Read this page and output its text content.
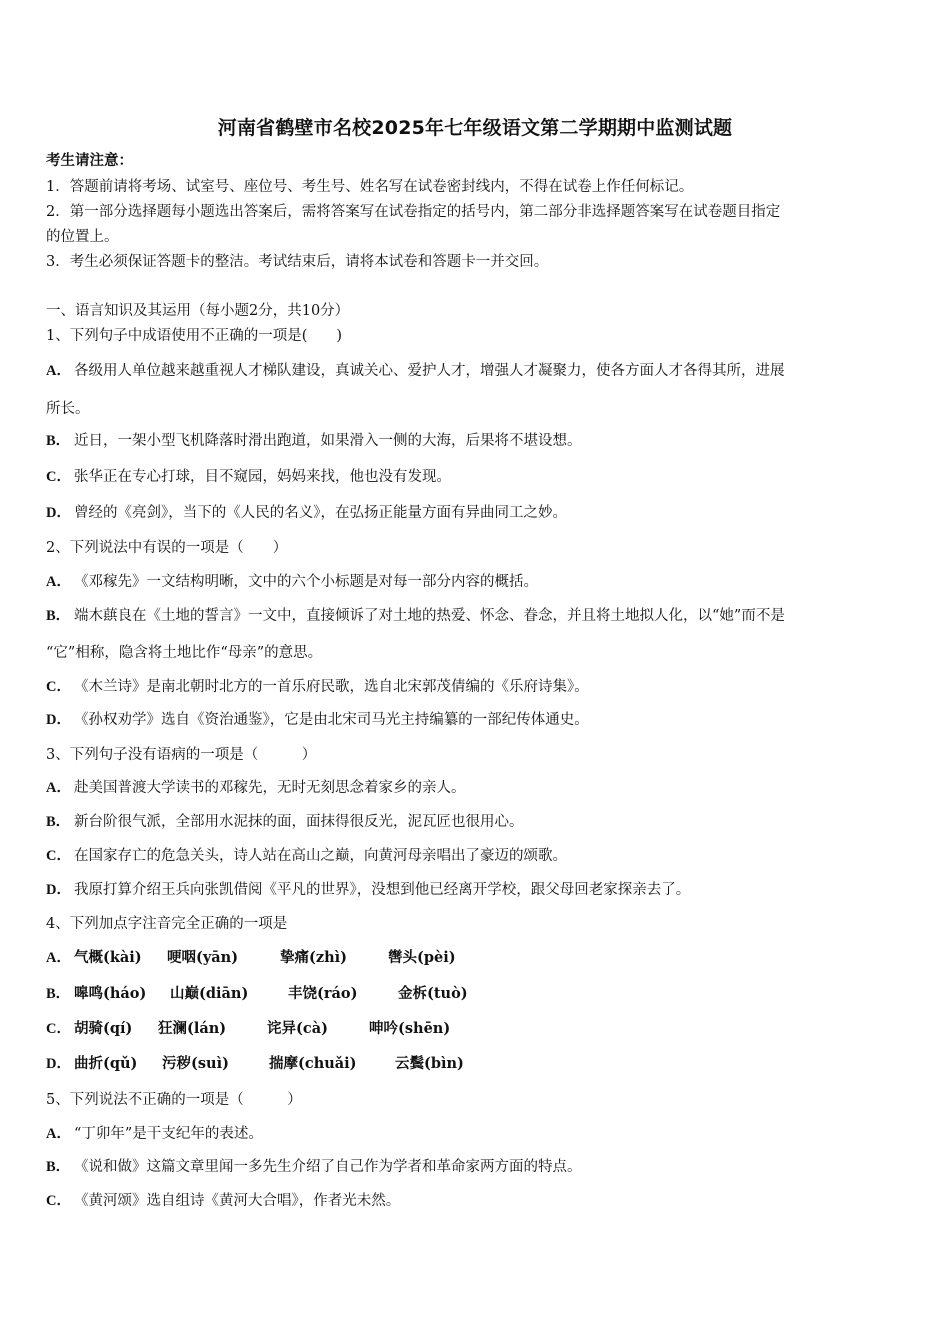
河南省鹤壁市名校2025年七年级语文第二学期期中监测试题
考生请注意：
1．答题前请将考场、试室号、座位号、考生号、姓名写在试卷密封线内，不得在试卷上作任何标记。
2．第一部分选择题每小题选出答案后，需将答案写在试卷指定的括号内，第二部分非选择题答案写在试卷题目指定
的位置上。
3．考生必须保证答题卡的整洁。考试结束后，请将本试卷和答题卡一并交回。
一、语言知识及其运用（每小题2分，共10分）
1、下列句子中成语使用不正确的一项是(　　)
A． 各级用人单位越来越重视人才梯队建设，真诚关心、爱护人才，增强人才凝聚力，使各方面人才各得其所，进展
所长。
B． 近日，一架小型飞机降落时滑出跑道，如果滑入一侧的大海，后果将不堪设想。
C． 张华正在专心打球，目不窥园，妈妈来找，他也没有发现。
D． 曾经的《亮剑》，当下的《人民的名义》，在弘扬正能量方面有异曲同工之妙。
2、下列说法中有误的一项是（　　）
A． 《邓稼先》一文结构明晰，文中的六个小标题是对每一部分内容的概括。
B． 端木蕻良在《土地的誓言》一文中，直接倾诉了对土地的热爱、怀念、眷念，并且将土地拟人化，以“她”而不是
“它”相称，隐含将土地比作“母亲”的意思。
C． 《木兰诗》是南北朝时北方的一首乐府民歌，选自北宋郭茂倩编的《乐府诗集》。
D． 《孙权劝学》选自《资治通鉴》，它是由北宋司马光主持编纂的一部纪传体通史。
3、下列句子没有语病的一项是（　　　）
A． 赴美国普渡大学读书的邓稼先，无时无刻思念着家乡的亲人。
B． 新台阶很气派，全部用水泥抹的面，面抹得很反光，泥瓦匠也很用心。
C． 在国家存亡的危急关头，诗人站在高山之巅，向黄河母亲唱出了豪迈的颂歌。
D． 我原打算介绍王兵向张凯借阅《平凡的世界》，没想到他已经离开学校，跟父母回老家探亲去了。
4、下列加点字注音完全正确的一项是
A． 气概(kài) 哽咽(yān)	挚痛(zhì)	辔头(pèi)
B． 嗥鸣(háo) 山巅(diān)	丰饶(ráo)	金柝(tuò)
C． 胡骑(qí) 狂澜(lán)	诧异(cà)	呻吟(shēn)
D． 曲折(qǔ) 污秽(suì)	揣摩(chuǎi)	云鬓(bìn)
5、下列说法不正确的一项是（　　　）
A． “丁卯年”是干支纪年的表述。
B． 《说和做》这篇文章里闻一多先生介绍了自己作为学者和革命家两方面的特点。
C． 《黄河颂》选自组诗《黄河大合唱》，作者光未然。
